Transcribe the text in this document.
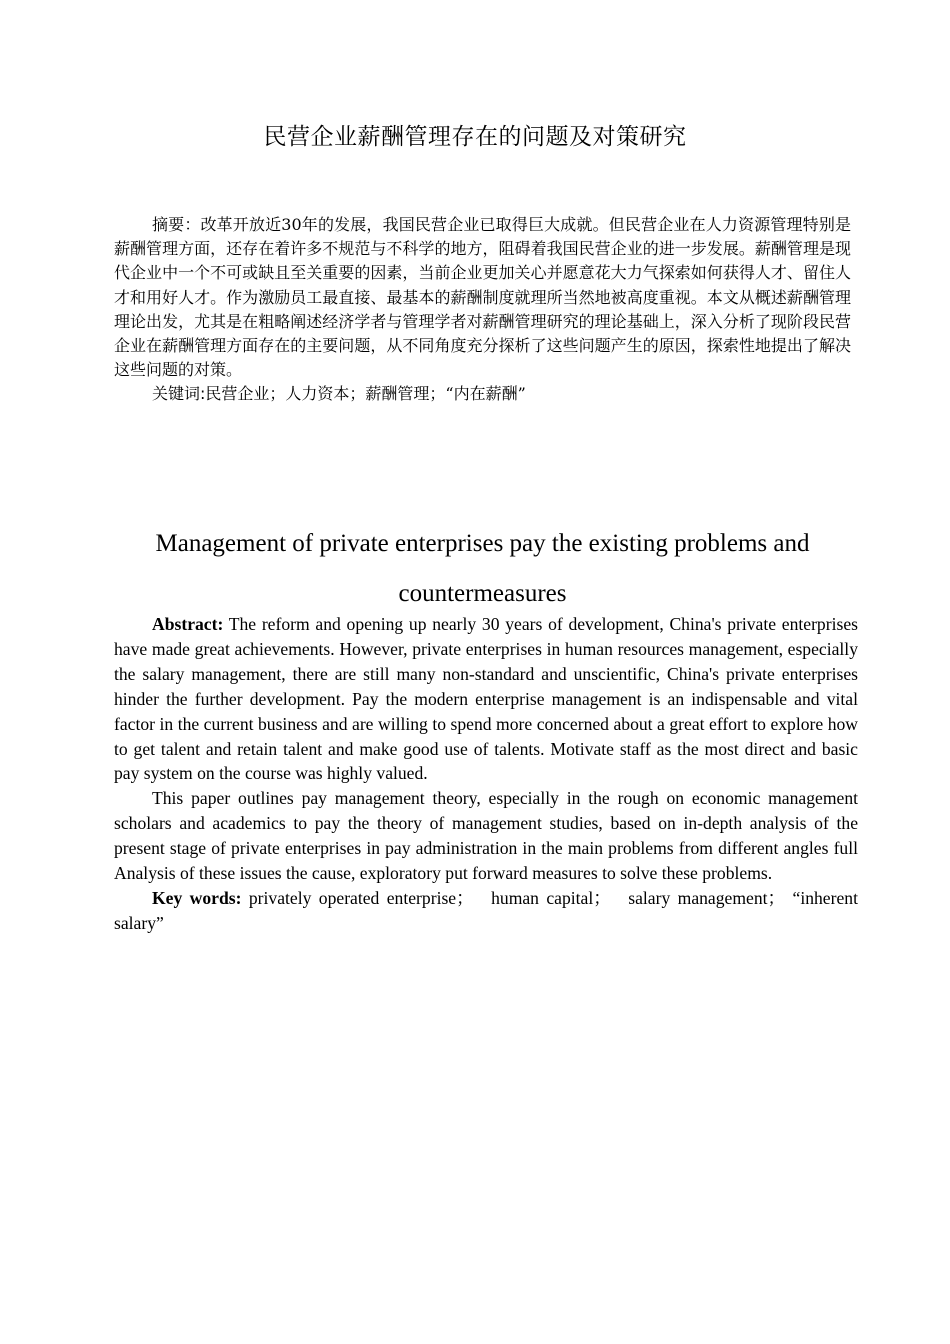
民营企业薪酬管理存在的问题及对策研究

摘要：改革开放近30年的发展，我国民营企业已取得巨大成就。但民营企业在人力资源管理特别是薪酬管理方面，还存在着许多不规范与不科学的地方，阻碍着我国民营企业的进一步发展。薪酬管理是现代企业中一个不可或缺且至关重要的因素，当前企业更加关心并愿意花大力气探索如何获得人才、留住人才和用好人才。作为激励员工最直接、最基本的薪酬制度就理所当然地被高度重视。本文从概述薪酬管理理论出发，尤其是在粗略阐述经济学者与管理学者对薪酬管理研究的理论基础上，深入分析了现阶段民营企业在薪酬管理方面存在的主要问题，从不同角度充分探析了这些问题产生的原因，探索性地提出了解决这些问题的对策。

关键词:民营企业；人力资本；薪酬管理；“内在薪酬”

Management of private enterprises pay the existing problems and countermeasures

Abstract: The reform and opening up nearly 30 years of development, China's private enterprises have made great achievements. However, private enterprises in human resources management, especially the salary management, there are still many non-standard and unscientific, China's private enterprises hinder the further development. Pay the modern enterprise management is an indispensable and vital factor in the current business and are willing to spend more concerned about a great effort to explore how to get talent and retain talent and make good use of talents. Motivate staff as the most direct and basic pay system on the course was highly valued.

This paper outlines pay management theory, especially in the rough on economic management scholars and academics to pay the theory of management studies, based on in-depth analysis of the present stage of private enterprises in pay administration in the main problems from different angles full Analysis of these issues the cause, exploratory put forward measures to solve these problems.

Key words: privately operated enterprise； human capital； salary management； “inherent salary”
